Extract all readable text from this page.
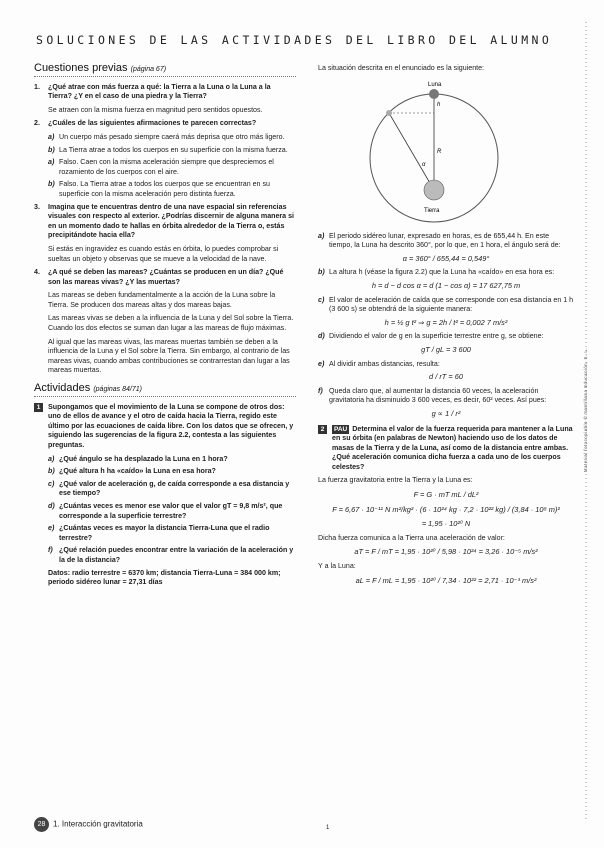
SOLUCIONES DE LAS ACTIVIDADES DEL LIBRO DEL ALUMNO
Material fotocopiable © Santillana Educación, S. L.
Cuestiones previas (página 67)
1. ¿Qué atrae con más fuerza a qué: la Tierra a la Luna o la Luna a la Tierra? ¿Y en el caso de una piedra y la Tierra?
Se atraen con la misma fuerza en magnitud pero sentidos opuestos.
2. ¿Cuáles de las siguientes afirmaciones te parecen correctas?
a) Un cuerpo más pesado siempre caerá más deprisa que otro más ligero.
b) La Tierra atrae a todos los cuerpos en su superficie con la misma fuerza.
a) Falso. Caen con la misma aceleración siempre que despreciemos el rozamiento de los cuerpos con el aire.
b) Falso. La Tierra atrae a todos los cuerpos que se encuentran en su superficie con la misma aceleración pero distinta fuerza.
3. Imagina que te encuentras dentro de una nave espacial sin referencias visuales con respecto al exterior. ¿Podrías discernir de alguna manera si en un momento dado te hallas en órbita alrededor de la Tierra o, estás precipitándote hacia ella?
Si estás en ingravidez es cuando estás en órbita, lo puedes comprobar si sueltas un objeto y observas que se mueve a la velocidad de la nave.
4. ¿A qué se deben las mareas? ¿Cuántas se producen en un día? ¿Qué son las mareas vivas? ¿Y las muertas?
Las mareas se deben fundamentalmente a la acción de la Luna sobre la Tierra. Se producen dos mareas altas y dos mareas bajas.
Las mareas vivas se deben a la influencia de la Luna y del Sol sobre la Tierra. Cuando los dos efectos se suman dan lugar a las mareas de flujo máximas.
Al igual que las mareas vivas, las mareas muertas también se deben a la influencia de la Luna y el Sol sobre la Tierra. Sin embargo, al contrario de las mareas vivas, cuando ambas contribuciones se contrarrestan dan lugar a las mareas muertas.
Actividades (páginas 84/71)
1 Supongamos que el movimiento de la Luna se compone de otros dos: uno de ellos de avance y el otro de caída hacia la Tierra, regido este último por las ecuaciones de caída libre. Con los datos que se ofrecen, y siguiendo las sugerencias de la figura 2.2, contesta a las siguientes preguntas.
a) ¿Qué ángulo se ha desplazado la Luna en 1 hora?
b) ¿Qué altura h ha «caído» la Luna en esa hora?
c) ¿Qué valor de aceleración g, de caída corresponde a esa distancia y ese tiempo?
d) ¿Cuántas veces es menor ese valor que el valor gT = 9,8 m/s², que corresponde a la superficie terrestre?
e) ¿Cuántas veces es mayor la distancia Tierra-Luna que el radio terrestre?
f) ¿Qué relación puedes encontrar entre la variación de la aceleración y la de la distancia?
Datos: radio terrestre = 6370 km; distancia Tierra-Luna = 384 000 km; periodo sidéreo lunar = 27,31 días
La situación descrita en el enunciado es la siguiente:
Luna
Tierra
α
h
R
a) El periodo sidéreo lunar, expresado en horas, es de 655,44 h. En este tiempo, la Luna ha descrito 360°, por lo que, en 1 hora, el ángulo será de:
α = 360° / 655,44 = 0,549°
b) La altura h (véase la figura 2.2) que la Luna ha «caído» en esa hora es:
h = d − d cos α = d (1 − cos α) = 17 627,75 m
c) El valor de aceleración de caída que se corresponde con esa distancia en 1 h (3 600 s) se obtendrá de la siguiente manera:
h = ½ g t² ⇒ g = 2h / t² = 0,002 7 m/s²
d) Dividiendo el valor de g en la superficie terrestre entre g, se obtiene:
gT / gL = 3 600
e) Al dividir ambas distancias, resulta:
d / rT = 60
f) Queda claro que, al aumentar la distancia 60 veces, la aceleración gravitatoria ha disminuido 3 600 veces, es decir, 60² veces. Así pues:
g ∝ 1 / r²
2 PAU Determina el valor de la fuerza requerida para mantener a la Luna en su órbita (en palabras de Newton) haciendo uso de los datos de masas de la Tierra y de la Luna, así como de la distancia entre ambas. ¿Qué aceleración comunica dicha fuerza a cada uno de los cuerpos celestes?
La fuerza gravitatoria entre la Tierra y la Luna es:
F = G · mT mL / dL²
F = 6,67 · 10⁻¹¹ N m²/kg² · (6 · 10²⁴ kg · 7,2 · 10²² kg) / (3,84 · 10⁸ m)²
= 1,95 · 10²⁰ N
Dicha fuerza comunica a la Tierra una aceleración de valor:
aT = F / mT = 1,95 · 10²⁰ / 5,98 · 10²⁴ = 3,26 · 10⁻⁵ m/s²
Y a la Luna:
aL = F / mL = 1,95 · 10²⁰ / 7,34 · 10²² = 2,71 · 10⁻³ m/s²
28 1. Interacción gravitatoria	1
